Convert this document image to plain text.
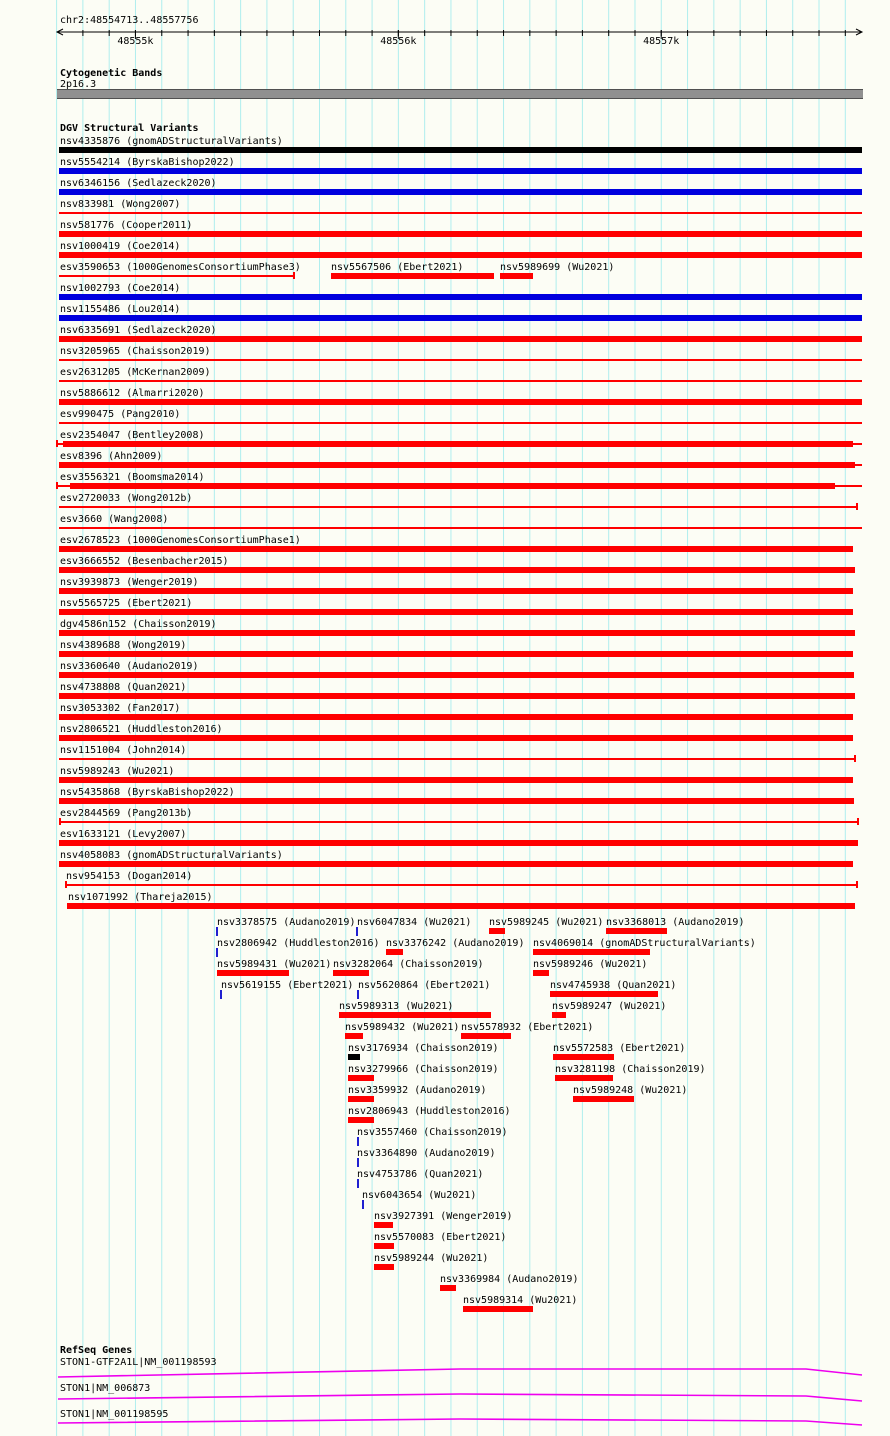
chr2:48554713..48557756
Cytogenetic Bands
2p16.3
DGV Structural Variants
RefSeq Genes
48555k	48556k	48557k
nsv4335876 (gnomADStructuralVariants)
nsv5554214 (ByrskaBishop2022)
nsv6346156 (Sedlazeck2020)
nsv833981 (Wong2007)
nsv581776 (Cooper2011)
nsv1000419 (Coe2014)
esv3590653 (1000GenomesConsortiumPhase3)	nsv5567506 (Ebert2021)	nsv5989699 (Wu2021)
nsv1002793 (Coe2014)
nsv1155486 (Lou2014)
nsv6335691 (Sedlazeck2020)
nsv3205965 (Chaisson2019)
esv2631205 (McKernan2009)
nsv5886612 (Almarri2020)
esv990475 (Pang2010)
esv2354047 (Bentley2008)
esv8396 (Ahn2009)
esv3556321 (Boomsma2014)
esv2720033 (Wong2012b)
esv3660 (Wang2008)
esv2678523 (1000GenomesConsortiumPhase1)
esv3666552 (Besenbacher2015)
nsv3939873 (Wenger2019)
nsv5565725 (Ebert2021)
dgv4586n152 (Chaisson2019)
nsv4389688 (Wong2019)
nsv3360640 (Audano2019)
nsv4738808 (Quan2021)
nsv3053302 (Fan2017)
nsv2806521 (Huddleston2016)
nsv1151004 (John2014)
nsv5989243 (Wu2021)
nsv5435868 (ByrskaBishop2022)
esv2844569 (Pang2013b)
esv1633121 (Levy2007)
nsv4058083 (gnomADStructuralVariants)
nsv954153 (Dogan2014)
nsv1071992 (Thareja2015)
nsv3378575 (Audano2019) nsv6047834 (Wu2021) nsv5989245 (Wu2021) nsv3368013 (Audano2019)
nsv2806942 (Huddleston2016) nsv3376242 (Audano2019) nsv4069014 (gnomADStructuralVariants)
nsv5989431 (Wu2021) nsv3282064 (Chaisson2019)	nsv5989246 (Wu2021)
nsv5619155 (Ebert2021) nsv5620864 (Ebert2021)	nsv4745938 (Quan2021)
nsv5989313 (Wu2021)	nsv5989247 (Wu2021)
nsv5989432 (Wu2021) nsv5578932 (Ebert2021)
nsv3176934 (Chaisson2019)	nsv5572583 (Ebert2021)
nsv3279966 (Chaisson2019)	nsv3281198 (Chaisson2019)
nsv3359932 (Audano2019)	nsv5989248 (Wu2021)
nsv2806943 (Huddleston2016)
nsv3557460 (Chaisson2019)
nsv3364890 (Audano2019)
nsv4753786 (Quan2021)
nsv6043654 (Wu2021)
nsv3927391 (Wenger2019)
nsv5570083 (Ebert2021)
nsv5989244 (Wu2021)
nsv3369984 (Audano2019)
nsv5989314 (Wu2021)
STON1-GTF2A1L|NM_001198593
STON1|NM_006873
STON1|NM_001198595
